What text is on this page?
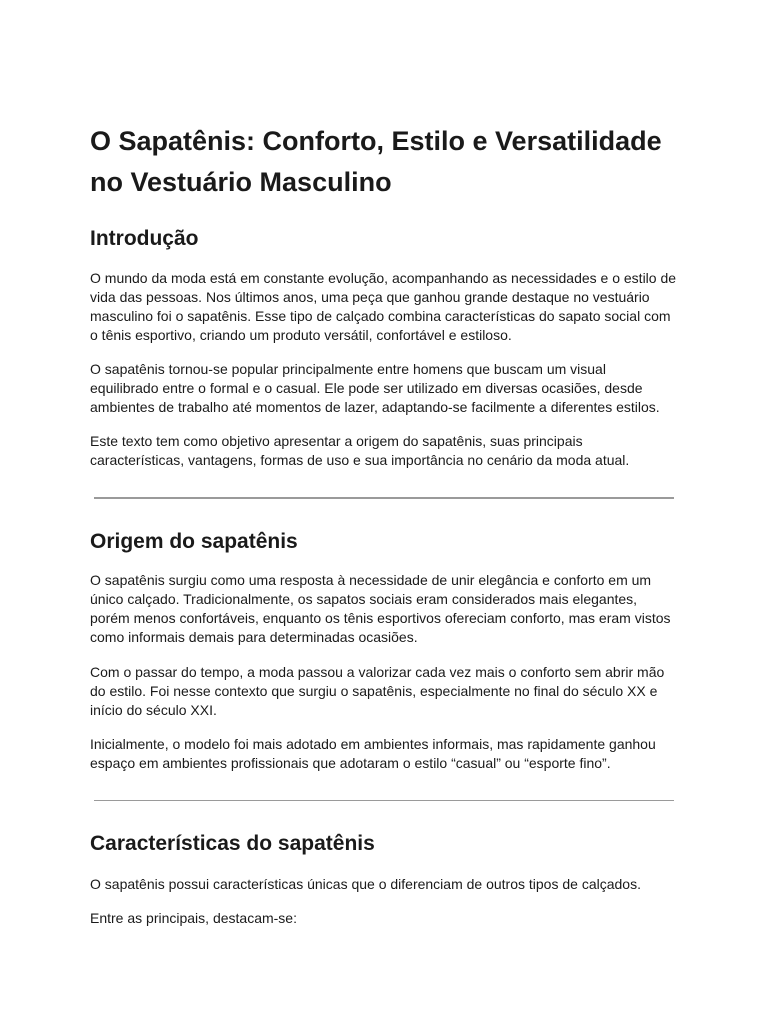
O Sapatênis: Conforto, Estilo e Versatilidade no Vestuário Masculino
Introdução

O mundo da moda está em constante evolução, acompanhando as necessidades e o estilo de vida das pessoas. Nos últimos anos, uma peça que ganhou grande destaque no vestuário masculino foi o sapatênis. Esse tipo de calçado combina características do sapato social com o tênis esportivo, criando um produto versátil, confortável e estiloso.

O sapatênis tornou-se popular principalmente entre homens que buscam um visual equilibrado entre o formal e o casual. Ele pode ser utilizado em diversas ocasiões, desde ambientes de trabalho até momentos de lazer, adaptando-se facilmente a diferentes estilos.

Este texto tem como objetivo apresentar a origem do sapatênis, suas principais características, vantagens, formas de uso e sua importância no cenário da moda atual.

Origem do sapatênis

O sapatênis surgiu como uma resposta à necessidade de unir elegância e conforto em um único calçado. Tradicionalmente, os sapatos sociais eram considerados mais elegantes, porém menos confortáveis, enquanto os tênis esportivos ofereciam conforto, mas eram vistos como informais demais para determinadas ocasiões.

Com o passar do tempo, a moda passou a valorizar cada vez mais o conforto sem abrir mão do estilo. Foi nesse contexto que surgiu o sapatênis, especialmente no final do século XX e início do século XXI.

Inicialmente, o modelo foi mais adotado em ambientes informais, mas rapidamente ganhou espaço em ambientes profissionais que adotaram o estilo “casual” ou “esporte fino”.

Características do sapatênis

O sapatênis possui características únicas que o diferenciam de outros tipos de calçados.

Entre as principais, destacam-se:
